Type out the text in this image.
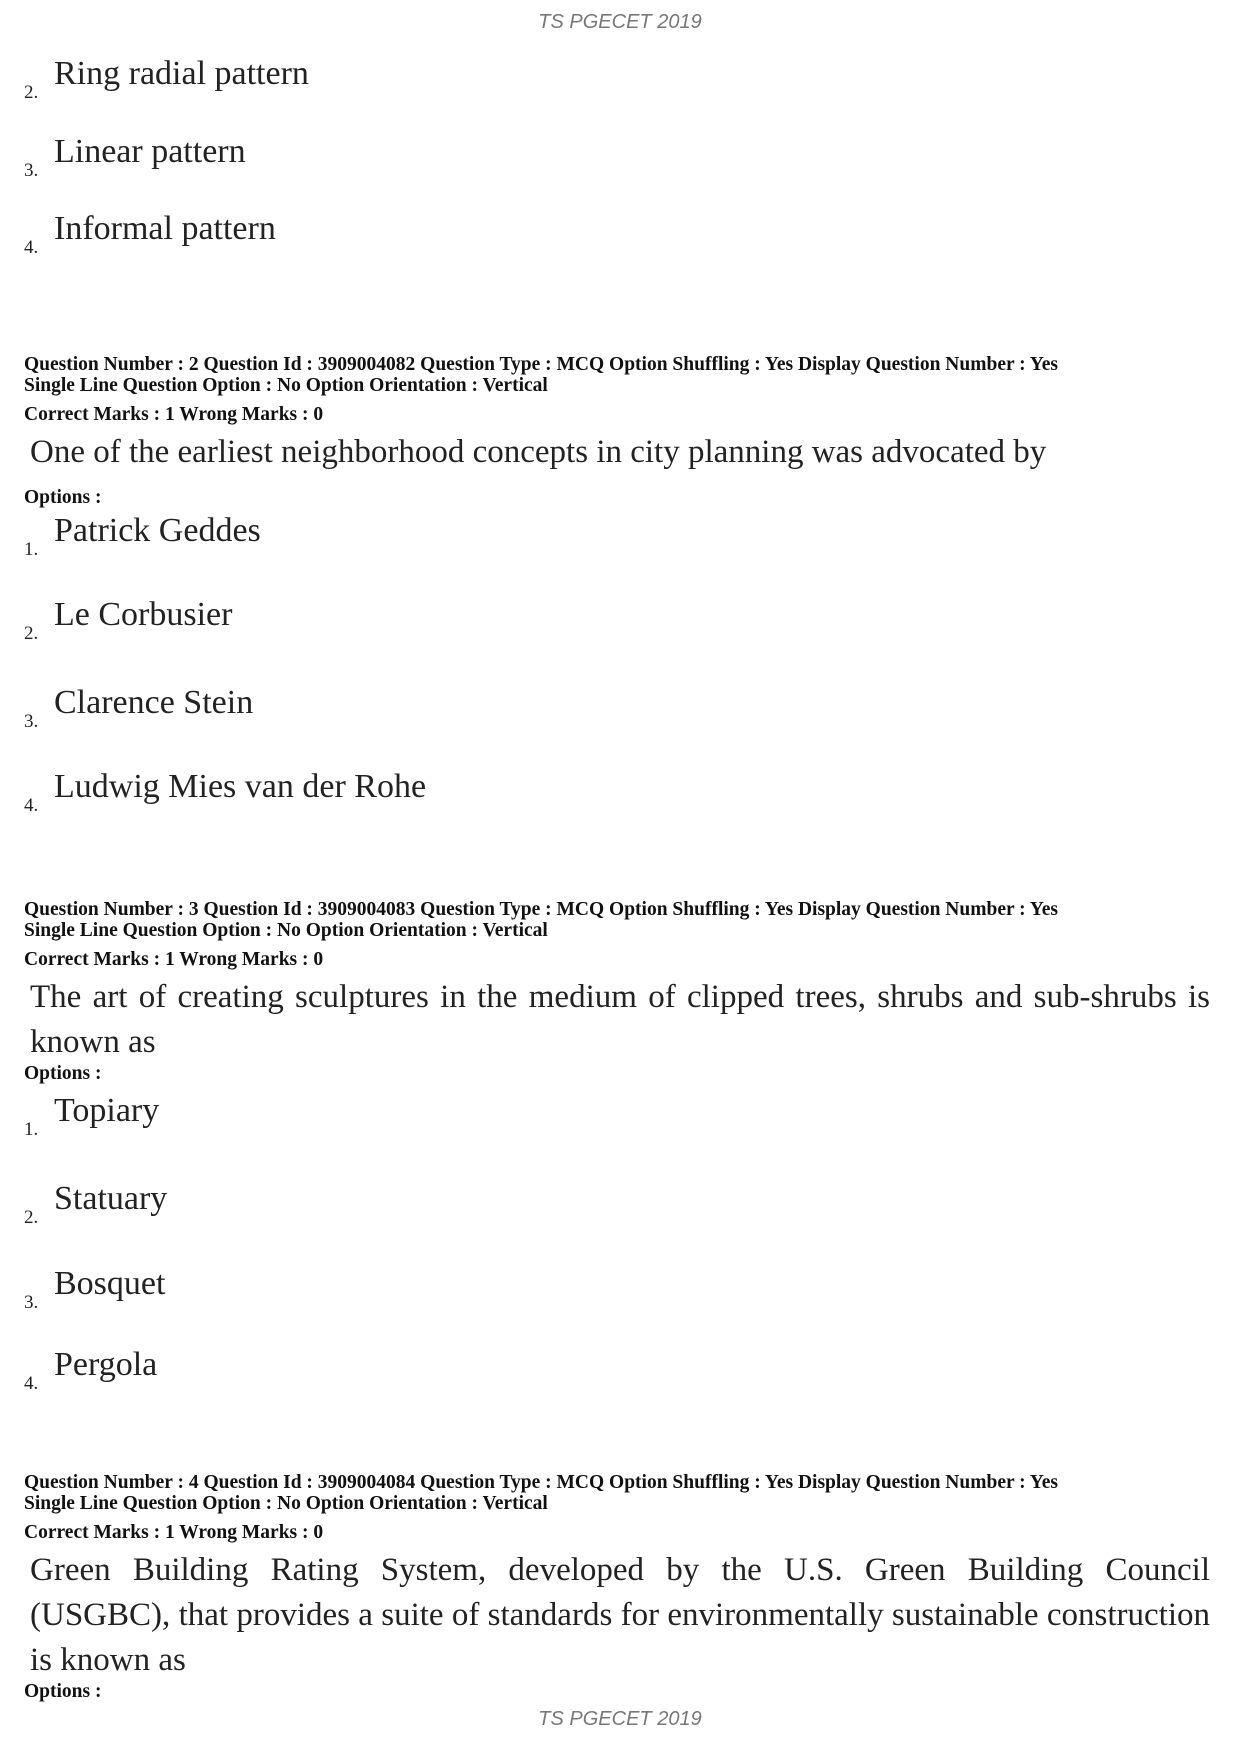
TS PGECET 2019
2.Ring radial pattern
3.Linear pattern
4.Informal pattern
Question Number : 2 Question Id : 3909004082 Question Type : MCQ Option Shuffling : Yes Display Question Number : Yes
Single Line Question Option : No Option Orientation : Vertical
Correct Marks : 1 Wrong Marks : 0
One of the earliest neighborhood concepts in city planning was advocated by
Options :
1.Patrick Geddes
2.Le Corbusier
3.Clarence Stein
4.Ludwig Mies van der Rohe
Question Number : 3 Question Id : 3909004083 Question Type : MCQ Option Shuffling : Yes Display Question Number : Yes
Single Line Question Option : No Option Orientation : Vertical
Correct Marks : 1 Wrong Marks : 0
The art of creating sculptures in the medium of clipped trees, shrubs and sub-shrubs is known as
Options :
1.Topiary
2.Statuary
3.Bosquet
4.Pergola
Question Number : 4 Question Id : 3909004084 Question Type : MCQ Option Shuffling : Yes Display Question Number : Yes
Single Line Question Option : No Option Orientation : Vertical
Correct Marks : 1 Wrong Marks : 0
Green Building Rating System, developed by the U.S. Green Building Council (USGBC), that provides a suite of standards for environmentally sustainable construction is known as
Options :
TS PGECET 2019
